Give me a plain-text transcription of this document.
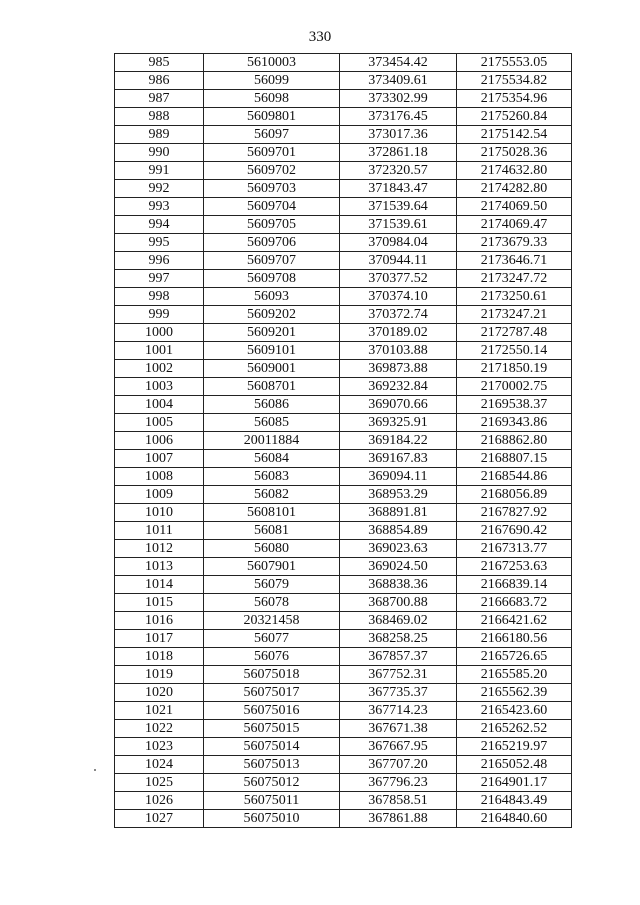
330
985	5610003	373454.42	2175553.05
986	56099	373409.61	2175534.82
987	56098	373302.99	2175354.96
988	5609801	373176.45	2175260.84
989	56097	373017.36	2175142.54
990	5609701	372861.18	2175028.36
991	5609702	372320.57	2174632.80
992	5609703	371843.47	2174282.80
993	5609704	371539.64	2174069.50
994	5609705	371539.61	2174069.47
995	5609706	370984.04	2173679.33
996	5609707	370944.11	2173646.71
997	5609708	370377.52	2173247.72
998	56093	370374.10	2173250.61
999	5609202	370372.74	2173247.21
1000	5609201	370189.02	2172787.48
1001	5609101	370103.88	2172550.14
1002	5609001	369873.88	2171850.19
1003	5608701	369232.84	2170002.75
1004	56086	369070.66	2169538.37
1005	56085	369325.91	2169343.86
1006	20011884	369184.22	2168862.80
1007	56084	369167.83	2168807.15
1008	56083	369094.11	2168544.86
1009	56082	368953.29	2168056.89
1010	5608101	368891.81	2167827.92
1011	56081	368854.89	2167690.42
1012	56080	369023.63	2167313.77
1013	5607901	369024.50	2167253.63
1014	56079	368838.36	2166839.14
1015	56078	368700.88	2166683.72
1016	20321458	368469.02	2166421.62
1017	56077	368258.25	2166180.56
1018	56076	367857.37	2165726.65
1019	56075018	367752.31	2165585.20
1020	56075017	367735.37	2165562.39
1021	56075016	367714.23	2165423.60
1022	56075015	367671.38	2165262.52
1023	56075014	367667.95	2165219.97
1024	56075013	367707.20	2165052.48
1025	56075012	367796.23	2164901.17
1026	56075011	367858.51	2164843.49
1027	56075010	367861.88	2164840.60
